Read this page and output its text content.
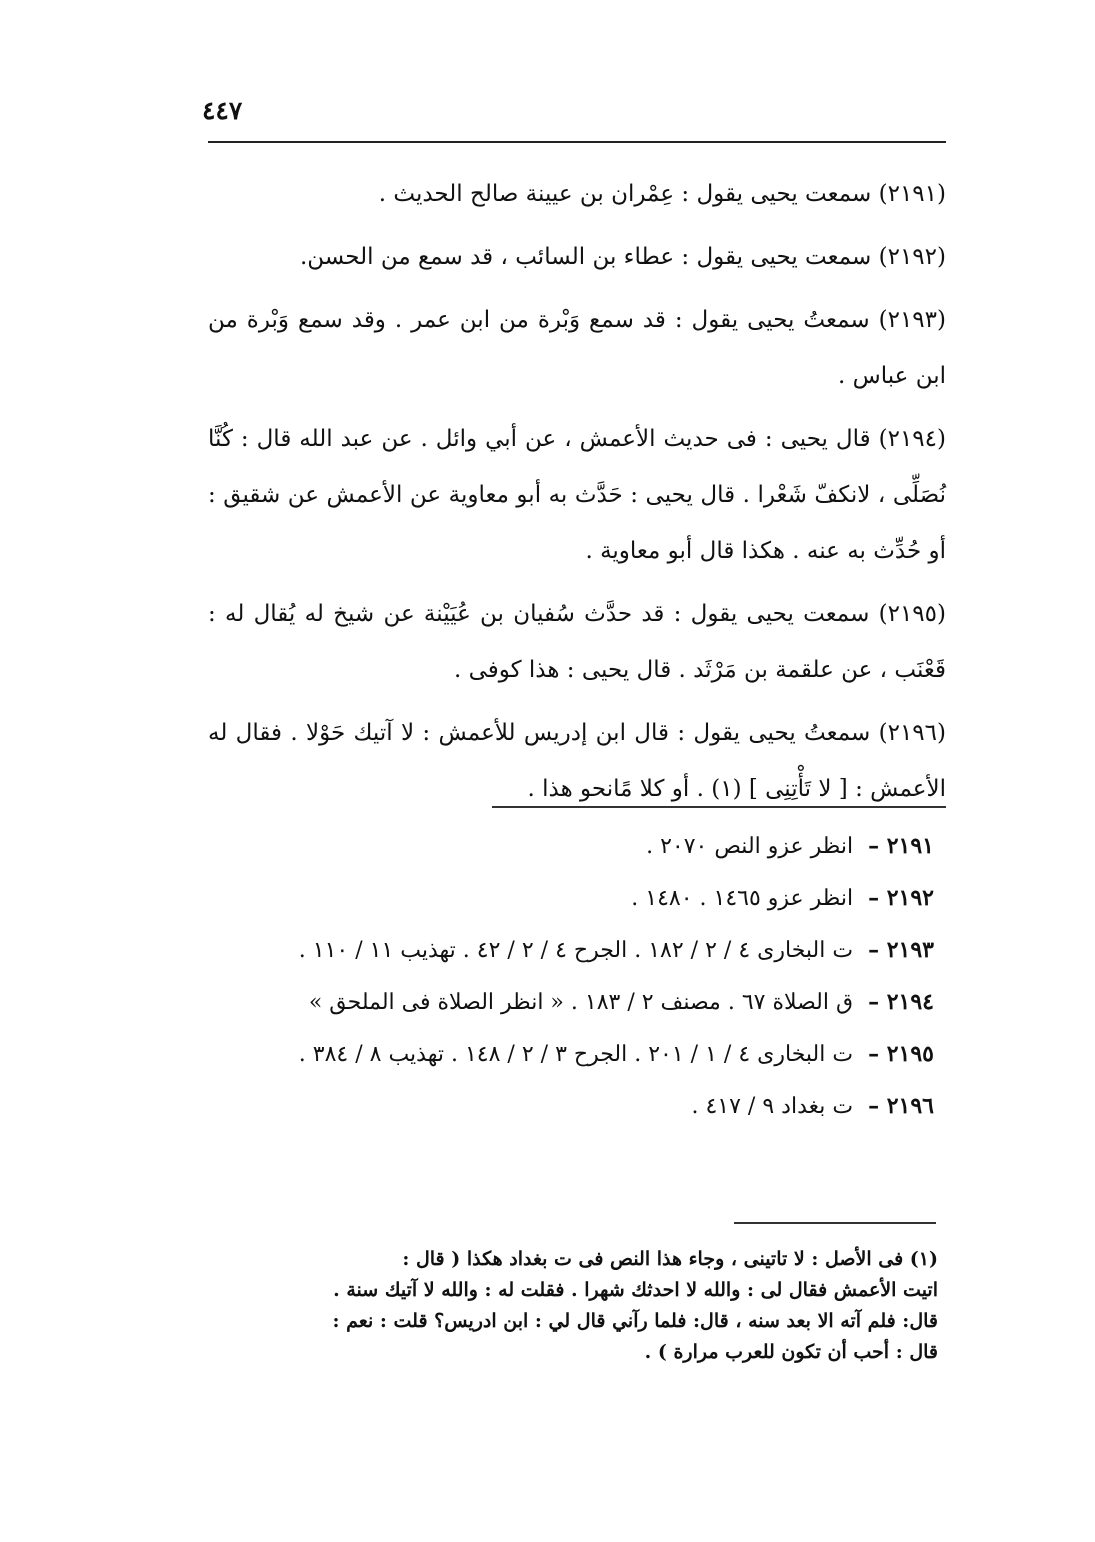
٤٤٧

(٢١٩١) سمعت يحيى يقول : عِمْران بن عيينة صالح الحديث .

(٢١٩٢) سمعت يحيى يقول : عطاء بن السائب ، قد سمع من الحسن.

(٢١٩٣) سمعتُ يحيى يقول : قد سمع وَبْرة من ابن عمر . وقد سمع وَبْرة من ابن عباس .

(٢١٩٤) قال يحيى : فى حديث الأعمش ، عن أبي وائل . عن عبد الله قال : كُنَّا نُصَلِّى ، لانكفّ شَعْرا . قال يحيى : حَدَّث به أبو معاوية عن الأعمش عن شقيق : أو حُدِّث به عنه . هكذا قال أبو معاوية .

(٢١٩٥) سمعت يحيى يقول : قد حدَّث سُفيان بن عُيَيْنة عن شيخ له يُقال له : قَعْنَب ، عن علقمة بن مَرْثَد . قال يحيى : هذا كوفى .

(٢١٩٦) سمعتُ يحيى يقول : قال ابن إدريس للأعمش : لا آتيك حَوْلا . فقال له الأعمش : [ لا تَأْتِنِى ] (١) . أو كلا مًانحو هذا .

٢١٩١ – انظر عزو النص ٢٠٧٠ .

٢١٩٢ – انظر عزو ١٤٦٥ . ١٤٨٠ .

٢١٩٣ – ت البخارى ٤ / ٢ / ١٨٢ . الجرح ٤ / ٢ / ٤٢ . تهذيب ١١ / ١١٠ .

٢١٩٤ – ق الصلاة ٦٧ . مصنف ٢ / ١٨٣ . « انظر الصلاة فى الملحق »

٢١٩٥ – ت البخارى ٤ / ١ / ٢٠١ . الجرح ٣ / ٢ / ١٤٨ . تهذيب ٨ / ٣٨٤ .

٢١٩٦ – ت بغداد ٩ / ٤١٧ .

(١) فى الأصل : لا تاتينى ، وجاء هذا النص فى ت بغداد هكذا ( قال :

اتيت الأعمش فقال لى : والله لا احدثك شهرا . فقلت له : والله لا آتيك سنة .

قال: فلم آته الا بعد سنه ، قال: فلما رآني قال لي : ابن ادريس؟ قلت : نعم :

قال : أحب أن تكون للعرب مرارة ) .
